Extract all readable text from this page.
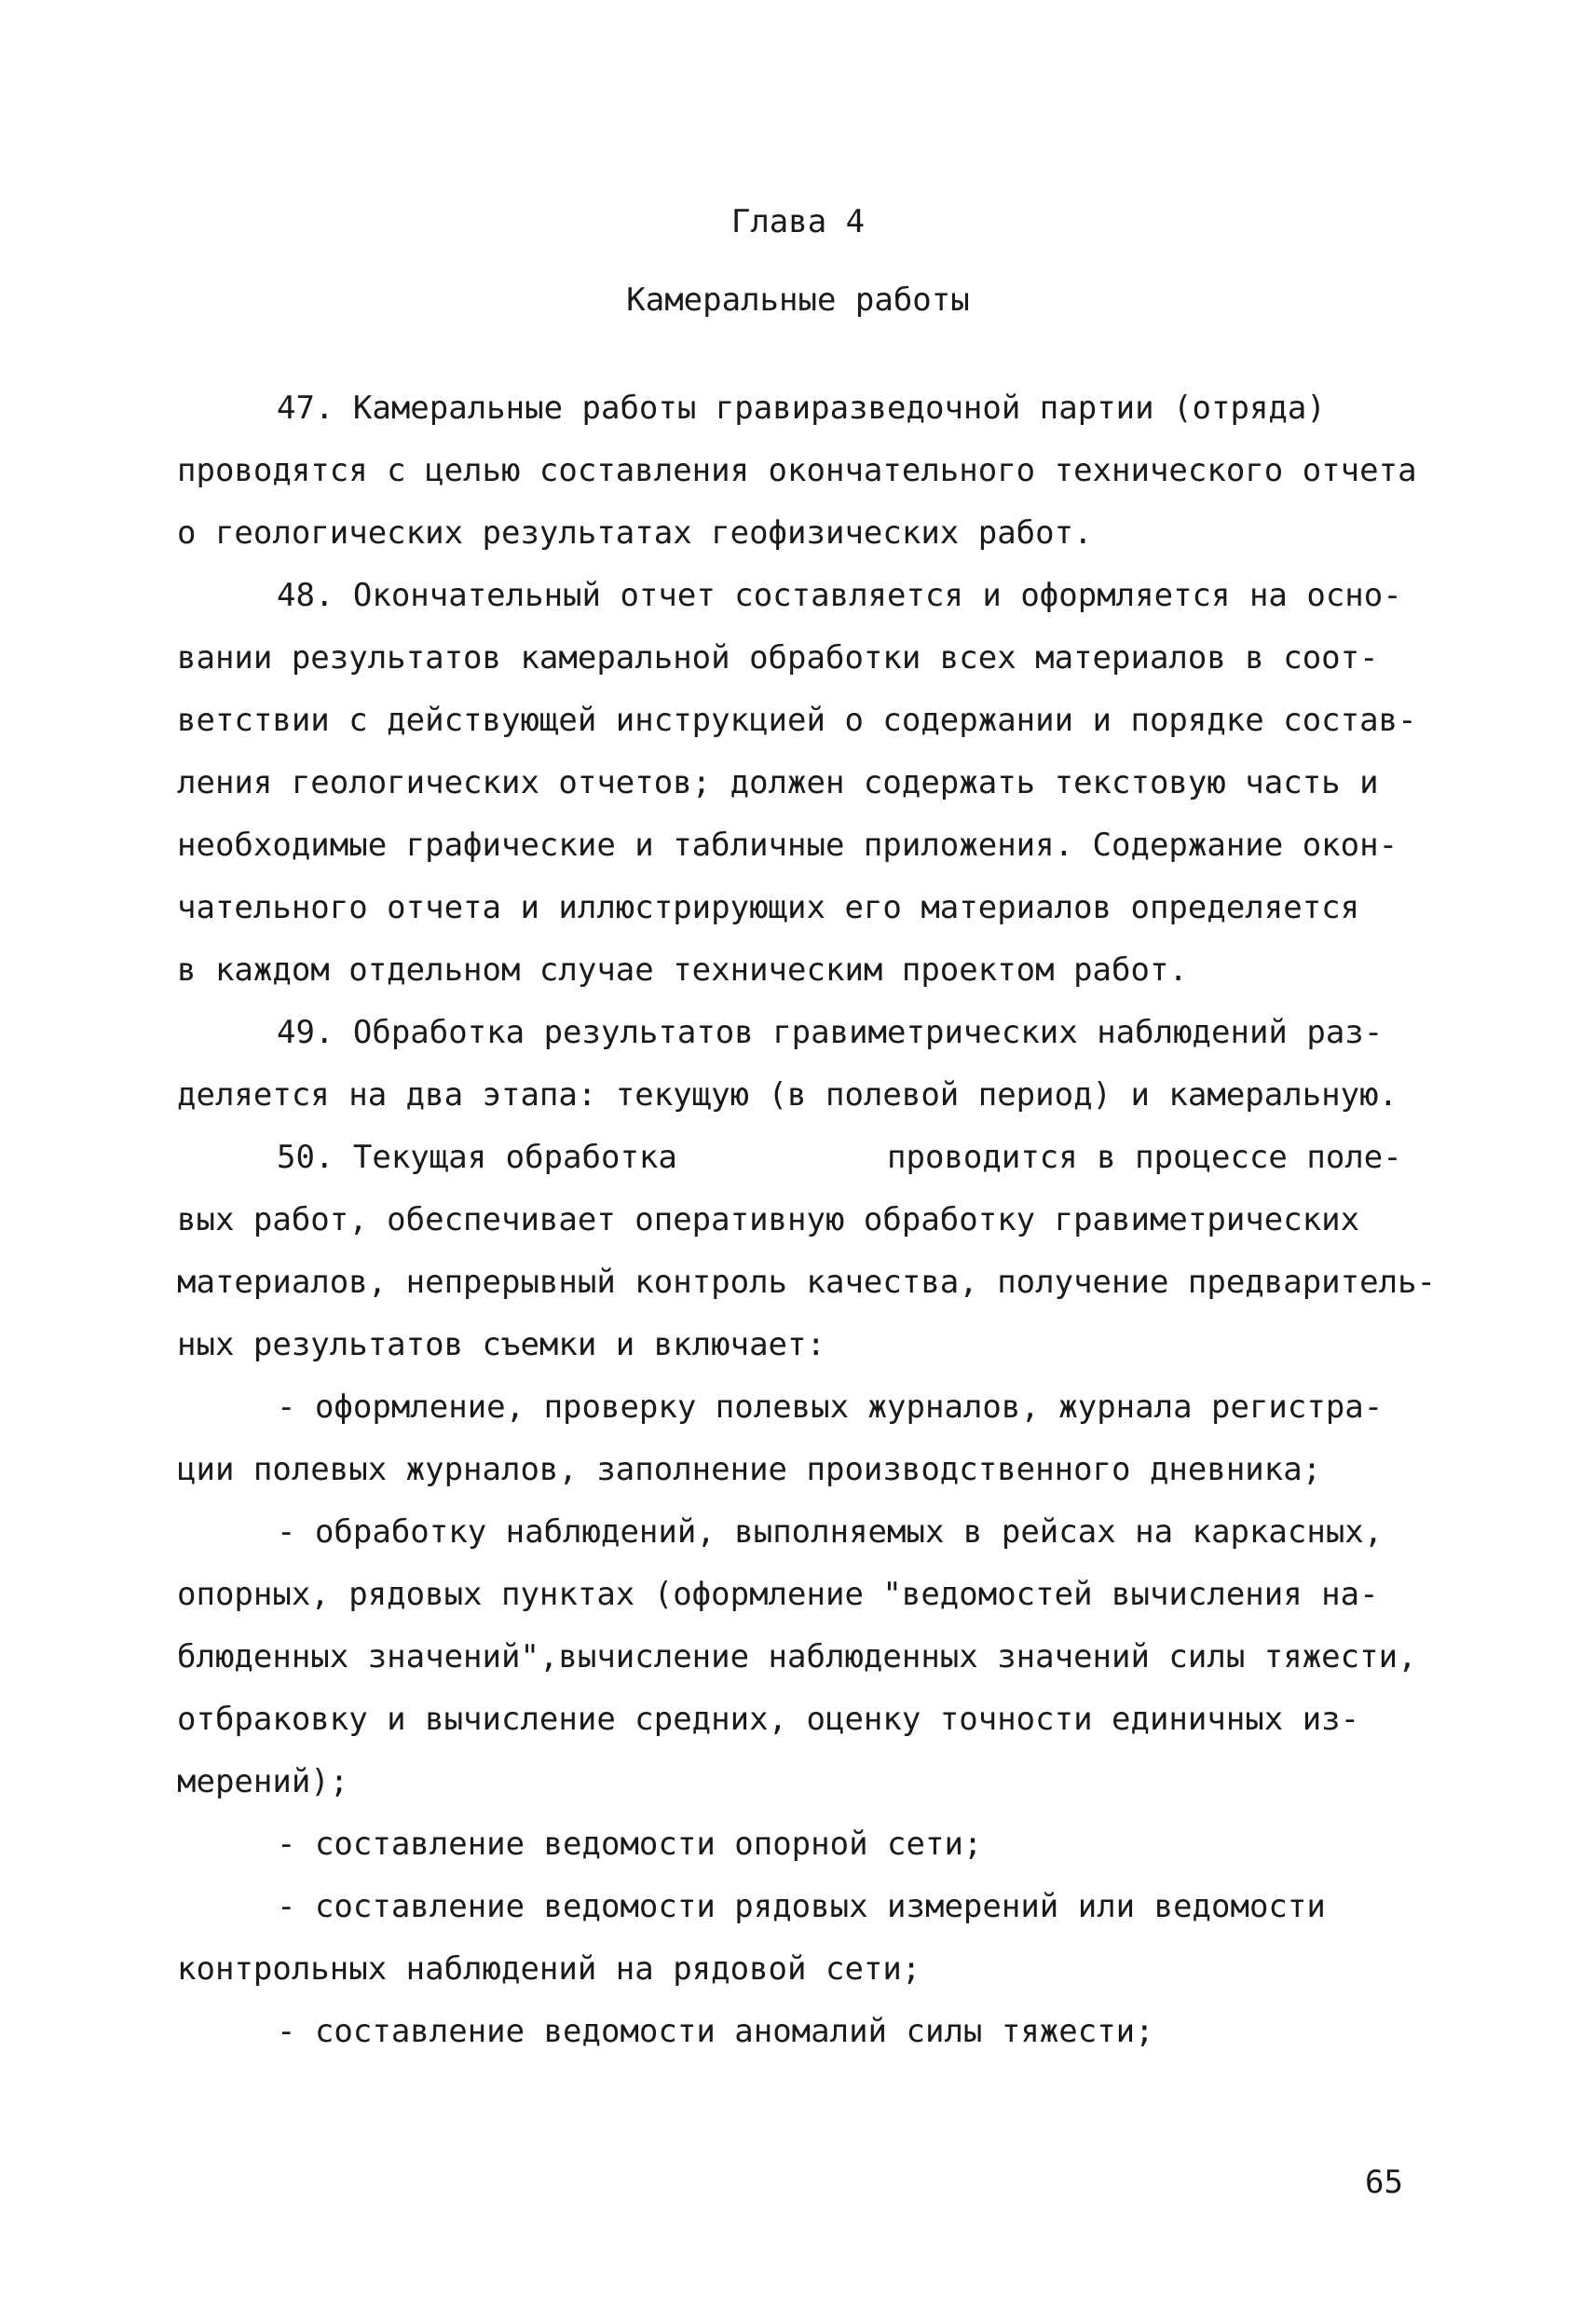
Глава 4
Камеральные работы
47. Камеральные работы гравиразведочной партии (отряда)
проводятся с целью составления окончательного технического отчета
о геологических результатах геофизических работ.
48. Окончательный отчет составляется и оформляется на осно-
вании результатов камеральной обработки всех материалов в соот-
ветствии с действующей инструкцией о содержании и порядке состав-
ления геологических отчетов; должен содержать текстовую часть и
необходимые графические и табличные приложения. Содержание окон-
чательного отчета и иллюстрирующих его материалов определяется
в каждом отдельном случае техническим проектом работ.
49. Обработка результатов гравиметрических наблюдений раз-
деляется на два этапа: текущую (в полевой период) и камеральную.
50. Текущая обработка           проводится в процессе поле-
вых работ, обеспечивает оперативную обработку гравиметрических
материалов, непрерывный контроль качества, получение предваритель-
ных результатов съемки и включает:
- оформление, проверку полевых журналов, журнала регистра-
ции полевых журналов, заполнение производственного дневника;
- обработку наблюдений, выполняемых в рейсах на каркасных,
опорных, рядовых пунктах (оформление "ведомостей вычисления на-
блюденных значений",вычисление наблюденных значений силы тяжести,
отбраковку и вычисление средних, оценку точности единичных из-
мерений);
- составление ведомости опорной сети;
- составление ведомости рядовых измерений или ведомости
контрольных наблюдений на рядовой сети;
- составление ведомости аномалий силы тяжести;
65
